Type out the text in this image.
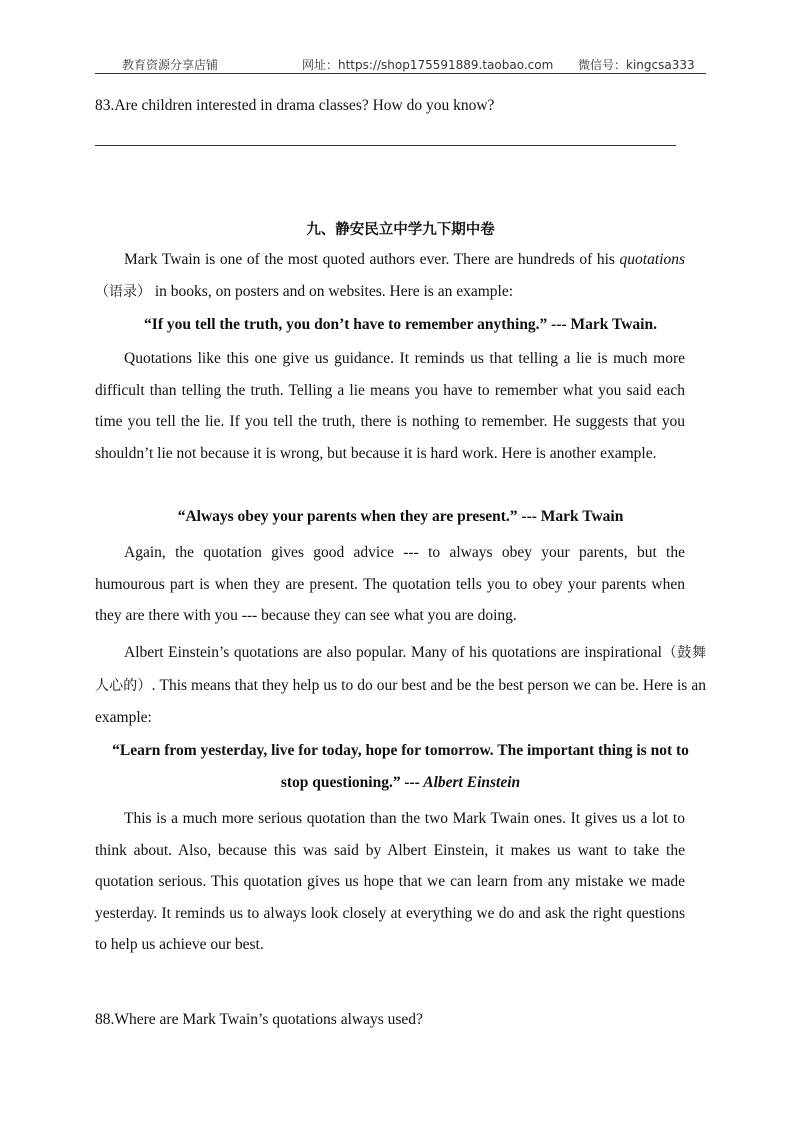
教育资源分享店铺	网址：https://shop175591889.taobao.com 微信号：kingcsa333
83.Are children interested in drama classes? How do you know?
九、静安民立中学九下期中卷

Mark Twain is one of the most quoted authors ever. There are hundreds of his quotations（语录） in books, on posters and on websites. Here is an example:

“If you tell the truth, you don’t have to remember anything.” --- Mark Twain.

Quotations like this one give us guidance. It reminds us that telling a lie is much more difficult than telling the truth. Telling a lie means you have to remember what you said each time you tell the lie. If you tell the truth, there is nothing to remember. He suggests that you shouldn’t lie not because it is wrong, but because it is hard work. Here is another example.

“Always obey your parents when they are present.” --- Mark Twain

Again, the quotation gives good advice --- to always obey your parents, but the humourous part is when they are present. The quotation tells you to obey your parents when they are there with you --- because they can see what you are doing.

Albert Einstein’s quotations are also popular. Many of his quotations are inspirational（鼓舞人心的）. This means that they help us to do our best and be the best person we can be. Here is an example:

“Learn from yesterday, live for today, hope for tomorrow. The important thing is not to
stop questioning.” --- Albert Einstein

This is a much more serious quotation than the two Mark Twain ones. It gives us a lot to think about. Also, because this was said by Albert Einstein, it makes us want to take the quotation serious. This quotation gives us hope that we can learn from any mistake we made yesterday. It reminds us to always look closely at everything we do and ask the right questions to help us achieve our best.

88.Where are Mark Twain’s quotations always used?
